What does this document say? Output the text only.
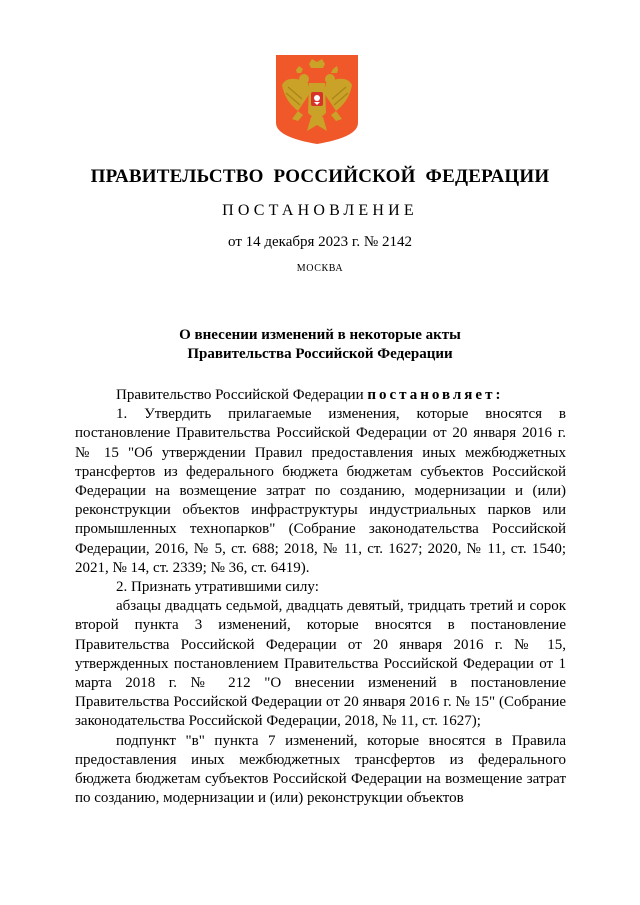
ПРАВИТЕЛЬСТВО РОССИЙСКОЙ ФЕДЕРАЦИИ
ПОСТАНОВЛЕНИЕ
от 14 декабря 2023 г. № 2142
МОСКВА
О внесении изменений в некоторые акты
Правительства Российской Федерации

Правительство Российской Федерации постановляет:

1. Утвердить прилагаемые изменения, которые вносятся в постановление Правительства Российской Федерации от 20 января 2016 г. № 15 "Об утверждении Правил предоставления иных межбюджетных трансфертов из федерального бюджета бюджетам субъектов Российской Федерации на возмещение затрат по созданию, модернизации и (или) реконструкции объектов инфраструктуры индустриальных парков или промышленных технопарков" (Собрание законодательства Российской Федерации, 2016, № 5, ст. 688; 2018, № 11, ст. 1627; 2020, № 11, ст. 1540; 2021, № 14, ст. 2339; № 36, ст. 6419).

2. Признать утратившими силу:

абзацы двадцать седьмой, двадцать девятый, тридцать третий и сорок второй пункта 3 изменений, которые вносятся в постановление Правительства Российской Федерации от 20 января 2016 г. № 15, утвержденных постановлением Правительства Российской Федерации от 1 марта 2018 г. № 212 "О внесении изменений в постановление Правительства Российской Федерации от 20 января 2016 г. № 15" (Собрание законодательства Российской Федерации, 2018, № 11, ст. 1627);

подпункт "в" пункта 7 изменений, которые вносятся в Правила предоставления иных межбюджетных трансфертов из федерального бюджета бюджетам субъектов Российской Федерации на возмещение затрат по созданию, модернизации и (или) реконструкции объектов
